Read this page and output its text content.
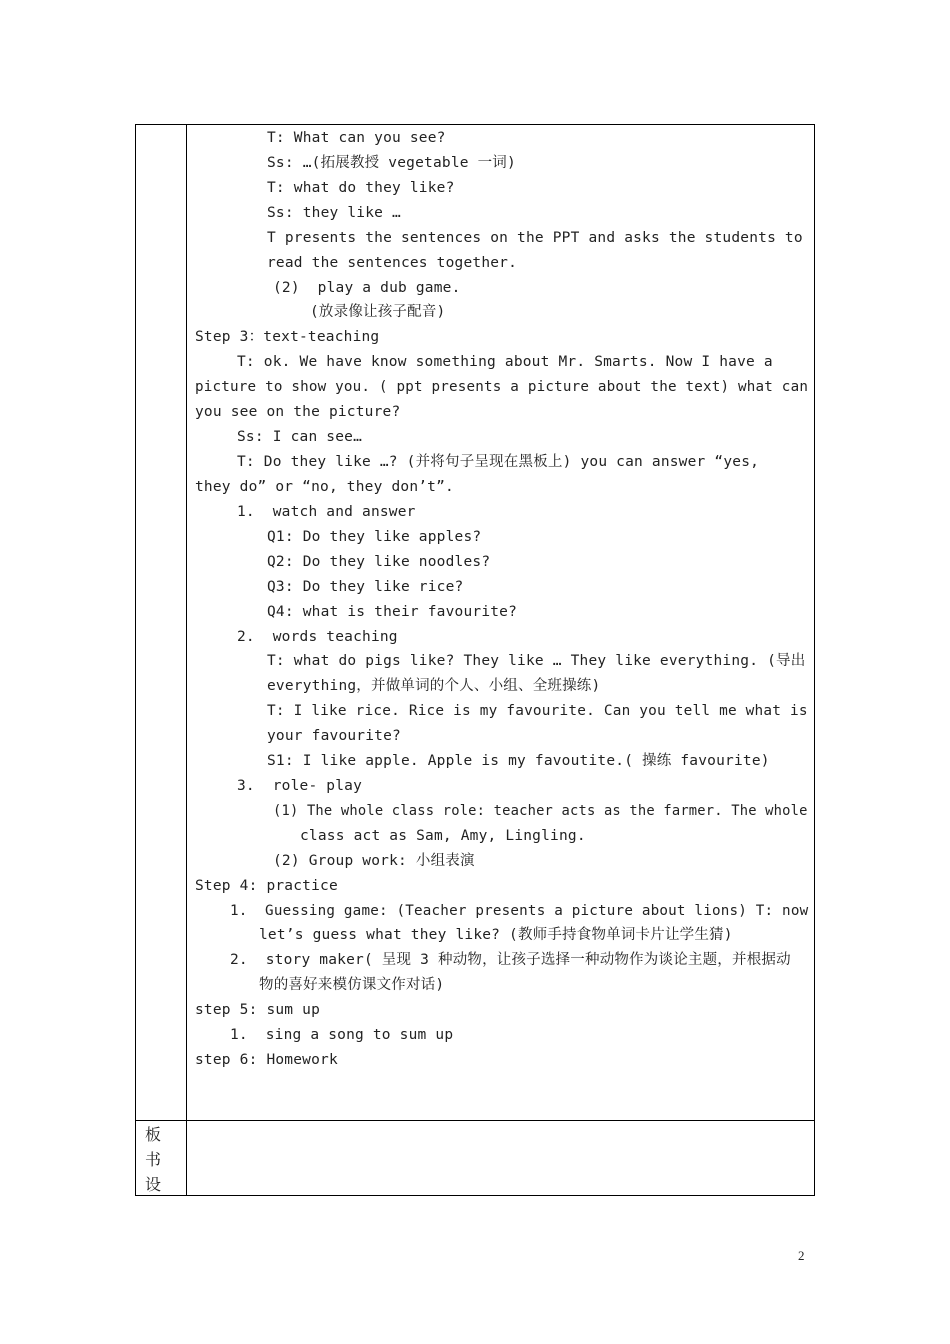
T: What can you see?
Ss: …(拓展教授 vegetable 一词)
T: what do they like?
Ss: they like …
T presents the sentences on the PPT and asks the students to
read the sentences together.
(2)  play a dub game.
(放录像让孩子配音)
Step 3：text-teaching
T: ok. We have know something about Mr. Smarts. Now I have a
picture to show you. ( ppt presents a picture about the text) what can
you see on the picture?
Ss: I can see…
T: Do they like …? (并将句子呈现在黑板上) you can answer “yes,
they do” or “no, they don’t”.
1.  watch and answer
Q1: Do they like apples?
Q2: Do they like noodles?
Q3: Do they like rice?
Q4: what is their favourite?
2.  words teaching
T: what do pigs like? They like … They like everything. (导出
everything，并做单词的个人、小组、全班操练)
T: I like rice. Rice is my favourite. Can you tell me what is
your favourite?
S1: I like apple. Apple is my favoutite.( 操练 favourite)
3.  role- play
(1) The whole class role: teacher acts as the farmer. The whole
class act as Sam, Amy, Lingling.
(2) Group work: 小组表演
Step 4: practice
1.  Guessing game: (Teacher presents a picture about lions) T: now
let’s guess what they like? (教师手持食物单词卡片让学生猜)
2.  story maker( 呈现 3 种动物，让孩子选择一种动物作为谈论主题，并根据动
物的喜好来模仿课文作对话)
step 5: sum up
1.  sing a song to sum up
step 6: Homework
板
书
设
2
